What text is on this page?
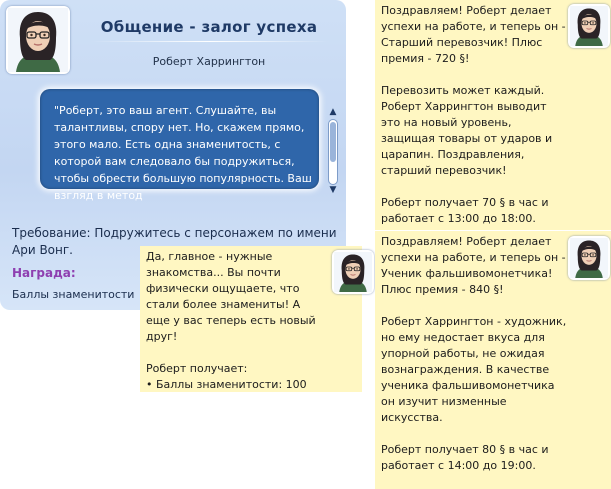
Общение - залог успеха
Роберт Харрингтон
"Роберт, это ваш агент. Слушайте, вы талантливы, спору нет. Но, скажем прямо, этого мало. Есть одна знаменитость, с которой вам следовало бы подружиться, чтобы обрести большую популярность. Ваш взгляд в метод
▲
▼
Требование: Подружитесь с персонажем по имени Ари Вонг.
Награда:
Баллы знаменитости
Да, главное - нужные знакомства... Вы почти физически ощущаете, что стали более знамениты! А еще у вас теперь есть новый друг!

Роберт получает:
• Баллы знаменитости: 100
Поздравляем! Роберт делает успехи на работе, и теперь он - Старший перевозчик! Плюс премия - 720 §!

Перевозить может каждый. Роберт Харрингтон выводит это на новый уровень, защищая товары от ударов и царапин. Поздравления, старший перевозчик!

Роберт получает 70 § в час и работает с 13:00 до 18:00.
Поздравляем! Роберт делает успехи на работе, и теперь он - Ученик фальшивомонетчика! Плюс премия - 840 §!

Роберт Харрингтон - художник, но ему недостает вкуса для упорной работы, не ожидая вознаграждения. В качестве ученика фальшивомонетчика он изучит низменные искусства.

Роберт получает 80 § в час и работает с 14:00 до 19:00.
